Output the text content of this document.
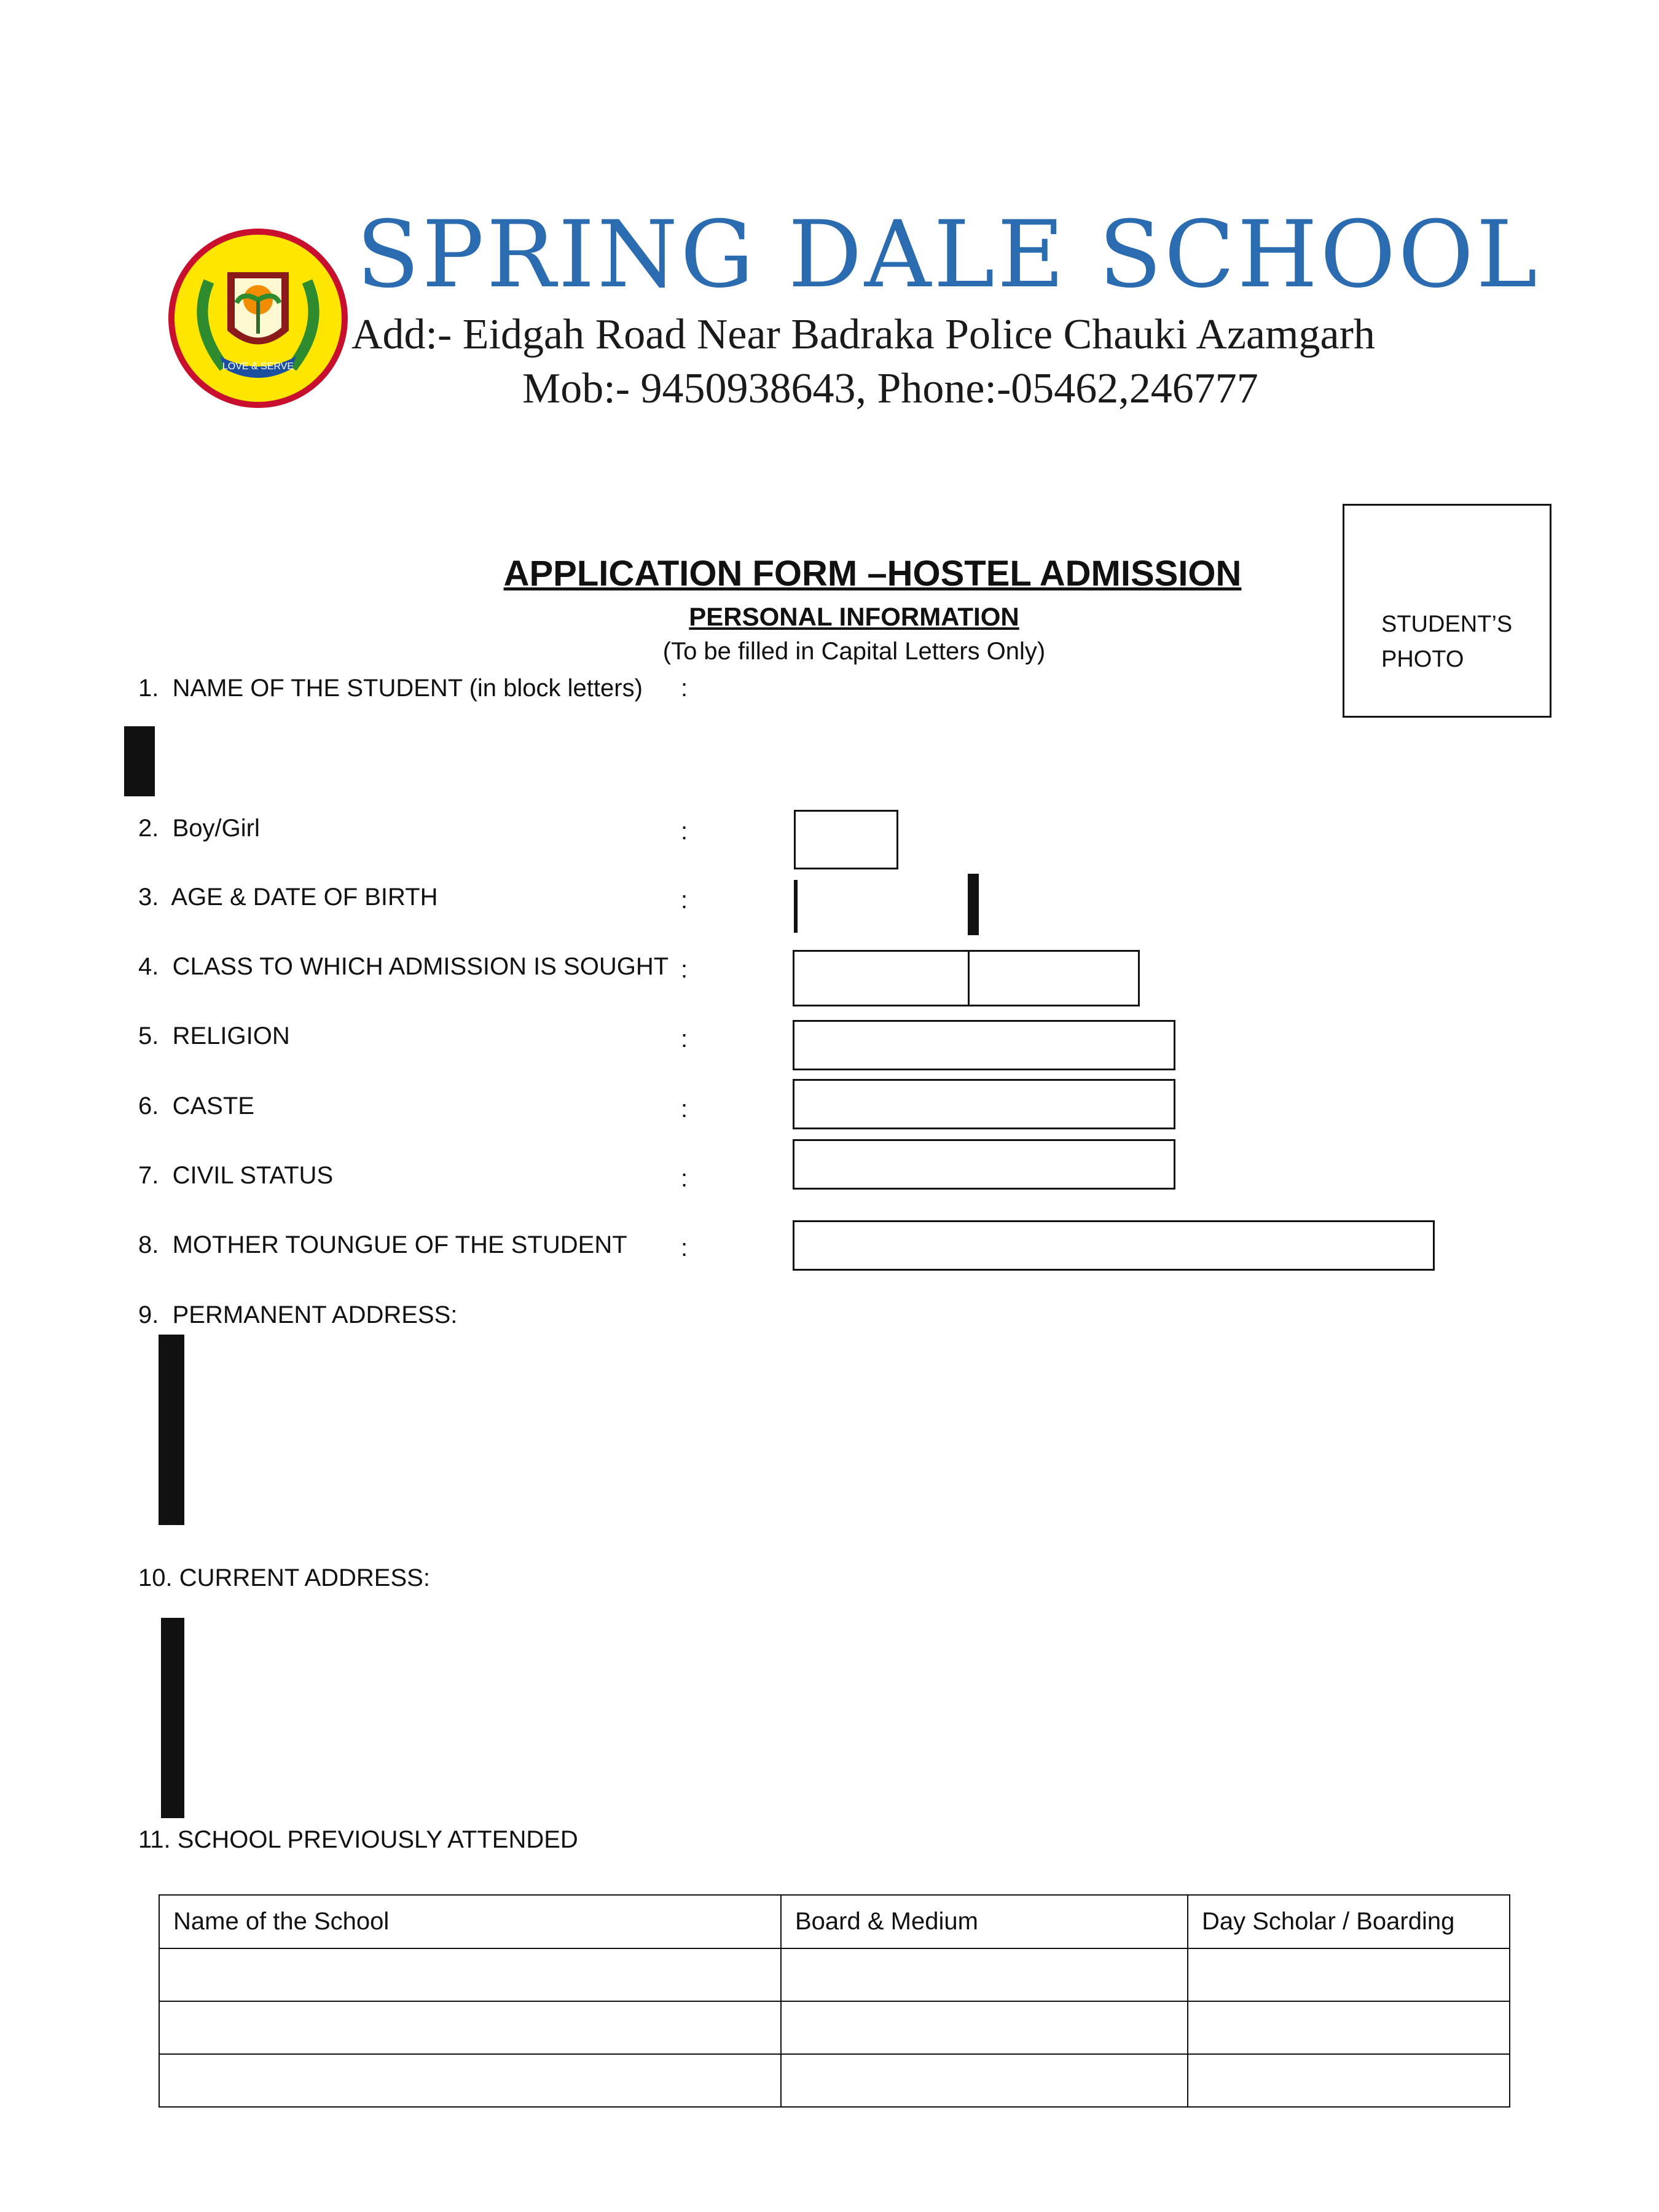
LOVE & SERVE
SPRING DALE SCHOOL
Add:- Eidgah Road Near Badraka Police Chauki Azamgarh
Mob:- 9450938643, Phone:-05462,246777
STUDENT’S
PHOTO
APPLICATION FORM –HOSTEL ADMISSION
PERSONAL INFORMATION
(To be filled in Capital Letters Only)
1. NAME OF THE STUDENT (in block letters) :

2. Boy/Girl	:
3. AGE & DATE OF BIRTH	:

4. CLASS TO WHICH ADMISSION IS SOUGHT :
5. RELIGION	:
6. CASTE	:
7. CIVIL STATUS	:
8. MOTHER TOUNGUE OF THE STUDENT :
9. PERMANENT ADDRESS:

10. CURRENT ADDRESS:

11. SCHOOL PREVIOUSLY ATTENDED
Name of the School	Board & Medium	Day Scholar / Boarding
